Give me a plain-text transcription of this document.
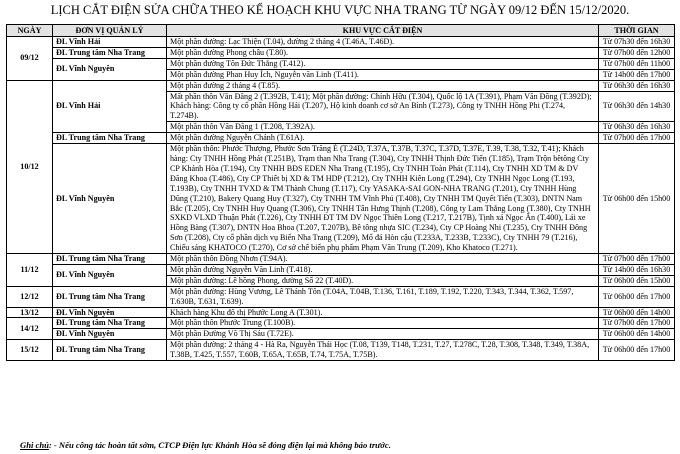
LỊCH CẮT ĐIỆN SỬA CHỮA THEO KẾ HOẠCH KHU VỰC NHA TRANG TỪ NGÀY 09/12 ĐẾN 15/12/2020.
NGÀY	ĐƠN VỊ QUẢN LÝ	KHU VỰC CẮT ĐIỆN	THỜI GIAN
09/12	ĐL Vĩnh Hải	Một phần đường: Lạc Thiện (T.04), đường 2 tháng 4 (T.46A, T.46D).	Từ 07h30 đến 16h30
	ĐL Trung tâm Nha Trang	Một phần đường Phong châu (T.80).	Từ 07h00 đến 12h00
	ĐL Vĩnh Nguyên	Một phần đường Tôn Đức Thắng (T.412).	Từ 07h00 đến 11h00
		Một phần đường Phan Huy Ích, Nguyễn văn Linh (T.411).	Từ 14h00 đến 17h00
10/12	ĐL Vĩnh Hải	Một phần đường 2 tháng 4 (T.85).	Từ 06h30 đến 16h30
		Mất phần thôn Văn Đăng 2 (T.392B, T.41); Một phần đường: Chính Hữu (T.304), Quốc lộ 1A (T.391), Phạm Văn Đồng (T.392D); Khách hàng: Công ty cổ phần Hồng Hải (T.207), Hộ kinh doanh cơ sở An Bình (T.273), Công ty TNHH Hồng Phi (T.274, T.274B).	Từ 06h30 đến 14h30
		Một phần thôn Văn Đăng 1 (T.208, T.392A).	Từ 06h30 đến 16h30
	ĐL Trung tâm Nha Trang	Một phần đường Nguyễn Chánh (T.61A).	Từ 07h00 đến 17h00
	ĐL Vĩnh Nguyên	Một phần thôn: Phước Thượng, Phước Sơn Trăng É (T.24D, T.37A, T.37B, T.37C, T.37D, T.37E, T.39, T.38, T.32, T.41); Khách hàng: Cty TNHH Hồng Phát (T.251B), Trạm than Nha Trang (T.304), Cty TNHH Thịnh Đức Tiến (T.185), Trạm Trộn bêtông Cty CP Khánh Hòa (T.194), Cty TNHH BĐS EDEN Nha Trang (T.195), Cty TNHH Toàn Phát (T.114), Cty TNHH XD TM & DV Đăng Khoa (T.486), Cty CP Thiết bị XD & TM HDP (T.212), Cty TNHH Kiên Long (T.294), Cty TNHH Ngọc Long (T.193, T.193B), Cty TNHH TVXD & TM Thành Chung (T.117), Cty YASAKA-SAI GON-NHA TRANG (T.201), Cty TNHH Hùng Dũng (T.210), Bakery Quang Huy (T.327), Cty TNHH TM Vĩnh Phú (T.408), Cty TNHH TM Quyết Tiến (T.303), DNTN Nam Bắc (T.205), Cty TNHH Huy Quang (T.306), Cty TNHH Tân Hưng Thịnh (T.208), Công ty Lam Thắng Long (T.380), Cty TNHH SXKD VLXD Thuận Phát (T.226), Cty TNHH ĐT TM DV Ngọc Thiên Long (T.217, T.217B), Tịnh xá Ngọc Ẩn (T.400), Lái xe Hồng Bàng (T.307), DNTN Hoa Bhoa (T.207, T.207B), Bê tông nhựa SIC (T.234), Cty CP Hoàng Nhi (T.235), Cty TNHH Đông Sơn (T.208), Cty cổ phần dịch vụ Biển Nha Trang (T.209), Mổ đá Hòn cậu (T.233A, T.233B, T.233C), Cty TNHH 79 (T.216), Chiếu sáng KHATOCO (T.270), Cơ sở chế biến phụ phẩm Phạm Văn Trung (T.209), Kho Khatoco (T.271).	Từ 06h00 đến 15h00
11/12	ĐL Trung tâm Nha Trang	Một phần thôn Đồng Nhơn (T.94A).	Từ 07h00 đến 17h00
	ĐL Vĩnh Nguyên	Một phần đường Nguyễn Văn Linh (T.418).	Từ 14h00 đến 16h30
		Một phần đường: Lê hồng Phong, đường Số 22 (T.40D).	Từ 06h00 đến 15h00
12/12	ĐL Trung tâm Nha Trang	Một phần đường: Hùng Vương, Lê Thánh Tôn (T.04A, T.04B, T.136, T.161, T.189, T.192, T.220, T.343, T.344, T.362, T.597, T.630B, T.631, T.639).	Từ 06h00 đến 17h00
13/12	ĐL Vĩnh Nguyên	Khách hàng Khu đô thị Phước Long A (T.301).	Từ 06h00 đến 14h00
14/12	ĐL Trung tâm Nha Trang	Một phần thôn Phước Trung (T.100B).	Từ 07h00 đến 17h00
	ĐL Vĩnh Nguyên	Một phần Đường Võ Thị Sáu (T.72E).	Từ 06h00 đến 14h00
15/12	ĐL Trung tâm Nha Trang	Một phần đường: 2 tháng 4 - Hà Ra, Nguyễn Thái Học (T.08, T139, T148, T.231, T.27, T.278C, T.28, T.308, T.348, T.349, T.38A, T.38B, T.425, T.557, T.60B, T.65A, T.65B, T.74, T.75A, T.75B).	Từ 06h00 đến 17h00
Ghi chú: - Nếu công tác hoàn tất sớm, CTCP Điện lực Khánh Hòa sẽ đóng điện lại mà không báo trước.
